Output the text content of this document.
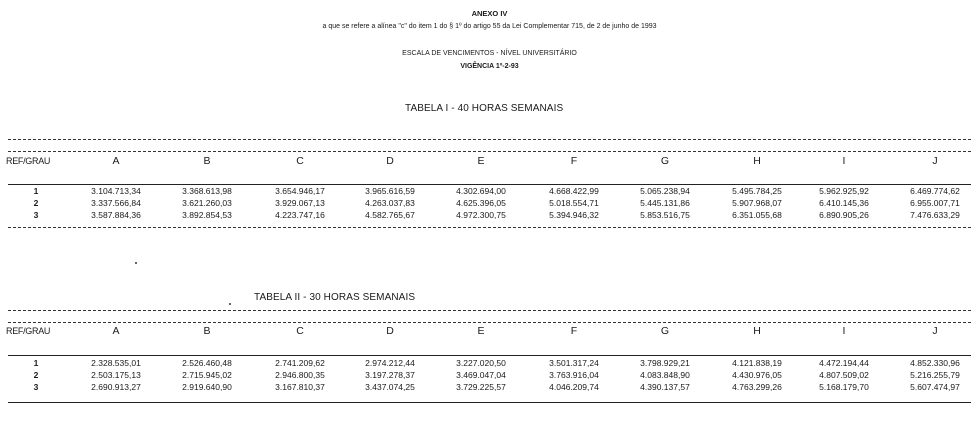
ANEXO IV
a que se refere a alínea "c" do item 1 do § 1º do artigo 55 da Lei Complementar 715, de 2 de junho de 1993
ESCALA DE VENCIMENTOS - NÍVEL UNIVERSITÁRIO
VIGÊNCIA 1º-2-93
TABELA I - 40 HORAS SEMANAIS
REF/GRAU	A	B	C	D	E	F	G	H	I	J
1	3.104.713,34	3.368.613,98	3.654.946,17	3.965.616,59	4.302.694,00	4.668.422,99	5.065.238,94	5.495.784,25	5.962.925,92	6.469.774,62
2	3.337.566,84	3.621.260,03	3.929.067,13	4.263.037,83	4.625.396,05	5.018.554,71	5.445.131,86	5.907.968,07	6.410.145,36	6.955.007,71
3	3.587.884,36	3.892.854,53	4.223.747,16	4.582.765,67	4.972.300,75	5.394.946,32	5.853.516,75	6.351.055,68	6.890.905,26	7.476.633,29
TABELA II - 30 HORAS SEMANAIS
REF/GRAU	A	B	C	D	E	F	G	H	I	J
1	2.328.535,01	2.526.460,48	2.741.209,62	2.974.212,44	3.227.020,50	3.501.317,24	3.798.929,21	4.121.838,19	4.472.194,44	4.852.330,96
2	2.503.175,13	2.715.945,02	2.946.800,35	3.197.278,37	3.469.047,04	3.763.916,04	4.083.848,90	4.430.976,05	4.807.509,02	5.216.255,79
3	2.690.913,27	2.919.640,90	3.167.810,37	3.437.074,25	3.729.225,57	4.046.209,74	4.390.137,57	4.763.299,26	5.168.179,70	5.607.474,97
